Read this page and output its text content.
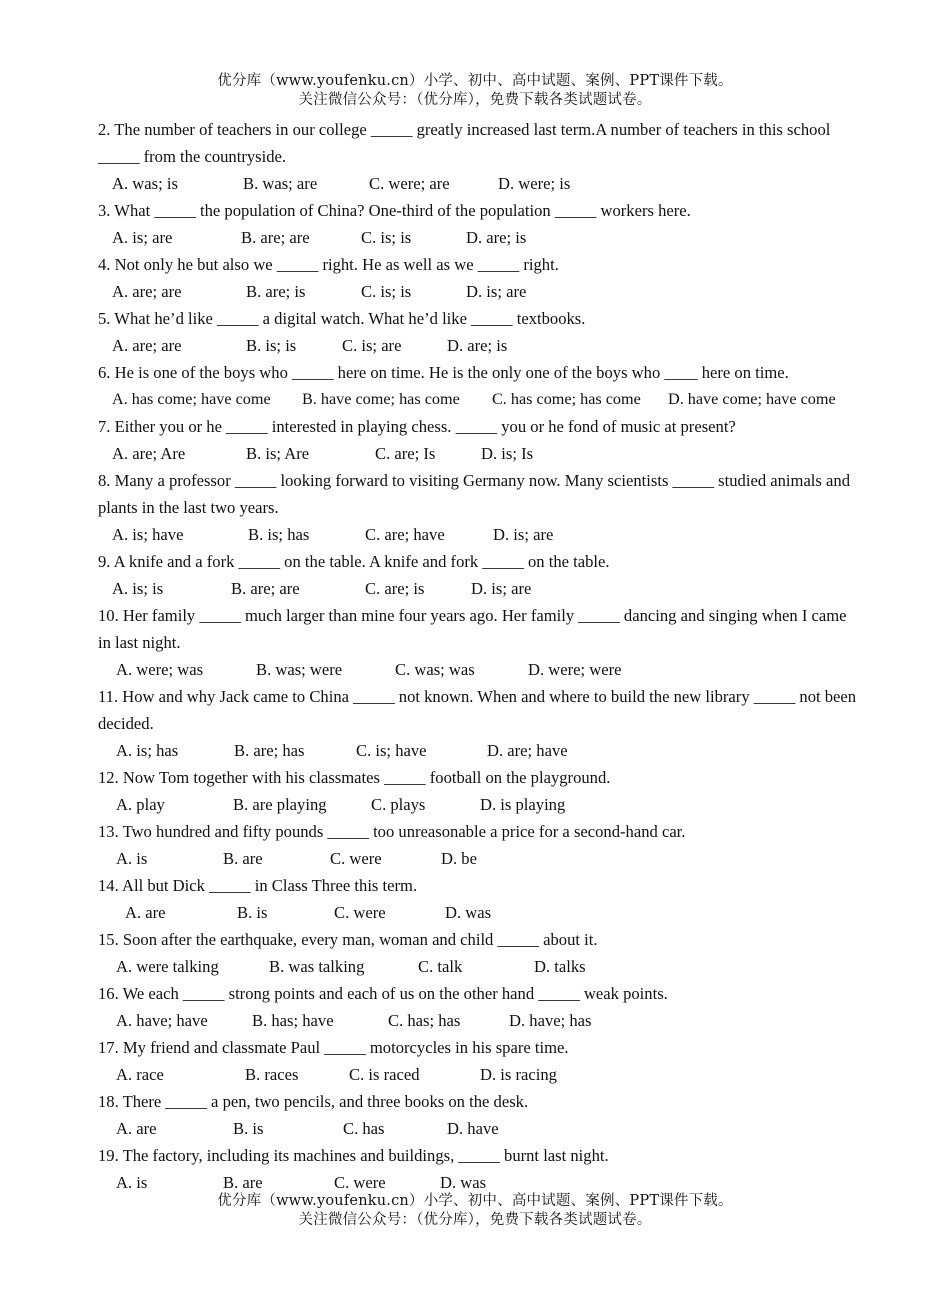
优分库（www.youfenku.cn）小学、初中、高中试题、案例、PPT课件下载。
关注微信公众号：（优分库），免费下载各类试题试卷。
2. The number of teachers in our college _____ greatly increased last term.A number of teachers in this school _____ from the countryside.
A. was; is	B. was; are	C. were; are	D. were; is
3. What _____ the population of China? One-third of the population _____ workers here.
A. is; are	B. are; are	C. is; is	D. are; is
4. Not only he but also we _____ right. He as well as we _____ right.
A. are; are	B. are; is	C. is; is	D. is; are
5. What he’d like _____ a digital watch. What he’d like _____ textbooks.
A. are; are	B. is; is	C. is; are	D. are; is
6. He is one of the boys who _____ here on time. He is the only one of the boys who ____ here on time.
A. has come; have come	B. have come; has come	C. has come; has come	D. have come; have come
7. Either you or he _____ interested in playing chess. _____ you or he fond of music at present?
A. are; Are	B. is; Are	C. are; Is	D. is; Is
8. Many a professor _____ looking forward to visiting Germany now. Many scientists _____ studied animals and plants in the last two years.
A. is; have	B. is; has	C. are; have	D. is; are
9. A knife and a fork _____ on the table. A knife and fork _____ on the table.
A. is; is	B. are; are	C. are; is	D. is; are
10. Her family _____ much larger than mine four years ago. Her family _____ dancing and singing when I came in last night.
A. were; was	B. was; were	C. was; was	D. were; were
11. How and why Jack came to China _____ not known. When and where to build the new library _____ not been decided.
A. is; has	B. are; has	C. is; have	D. are; have
12. Now Tom together with his classmates _____ football on the playground.
A. play	B. are playing	C. plays	D. is playing
13. Two hundred and fifty pounds _____ too unreasonable a price for a second-hand car.
A. is	B. are	C. were	D. be
14. All but Dick _____ in Class Three this term.
A. are	B. is	C. were	D. was
15. Soon after the earthquake, every man, woman and child _____ about it.
A. were talking	B. was talking	C. talk	D. talks
16. We each _____ strong points and each of us on the other hand _____ weak points.
A. have; have	B. has; have	C. has; has	D. have; has
17. My friend and classmate Paul _____ motorcycles in his spare time.
A. race	B. races	C. is raced	D. is racing
18. There _____ a pen, two pencils, and three books on the desk.
A. are	B. is	C. has	D. have
19. The factory, including its machines and buildings, _____ burnt last night.
A. is	B. are	C. were	D. was
优分库（www.youfenku.cn）小学、初中、高中试题、案例、PPT课件下载。
关注微信公众号：（优分库），免费下载各类试题试卷。
